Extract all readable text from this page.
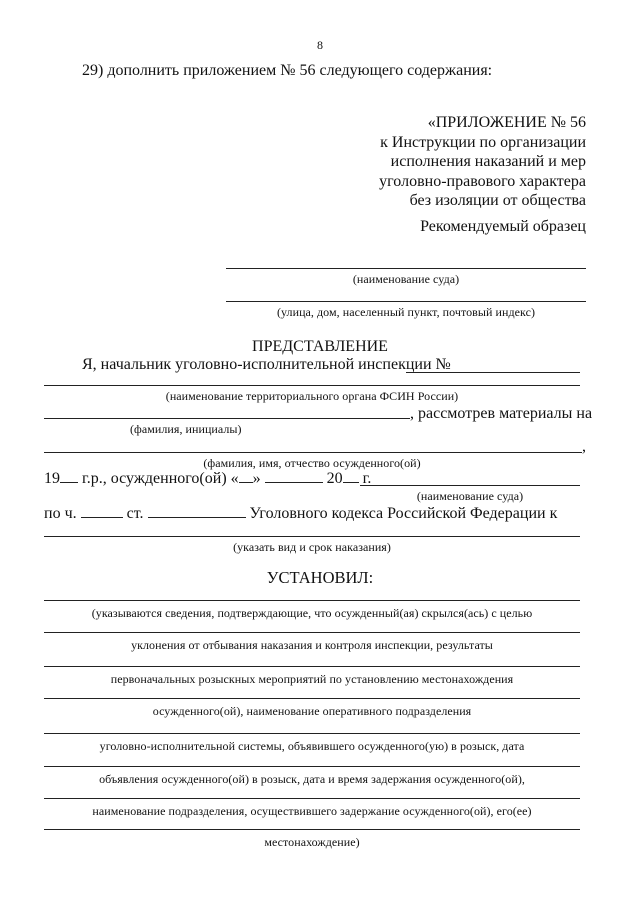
8
29) дополнить приложением № 56 следующего содержания:
«ПРИЛОЖЕНИЕ № 56
к Инструкции по организации
исполнения наказаний и мер
уголовно-правового характера
без изоляции от общества
Рекомендуемый образец
(наименование суда)
(улица, дом, населенный пункт, почтовый индекс)
ПРЕДСТАВЛЕНИЕ
Я, начальник уголовно-исполнительной инспекции №
(наименование территориального органа ФСИН России)
, рассмотрев материалы на
(фамилия, инициалы)
,
(фамилия, имя, отчество осужденного(ой)
19 г.р., осужденного(ой) « »	20 г.
(наименование суда)
по ч.	ст.	Уголовного кодекса Российской Федерации к
(указать вид и срок наказания)
УСТАНОВИЛ:
(указываются сведения, подтверждающие, что осужденный(ая) скрылся(ась) с целью
уклонения от отбывания наказания и контроля инспекции, результаты
первоначальных розыскных мероприятий по установлению местонахождения
осужденного(ой), наименование оперативного подразделения
уголовно-исполнительной системы, объявившего осужденного(ую) в розыск, дата
объявления осужденного(ой) в розыск, дата и время задержания осужденного(ой),
наименование подразделения, осуществившего задержание осужденного(ой), его(ее)
местонахождение)
